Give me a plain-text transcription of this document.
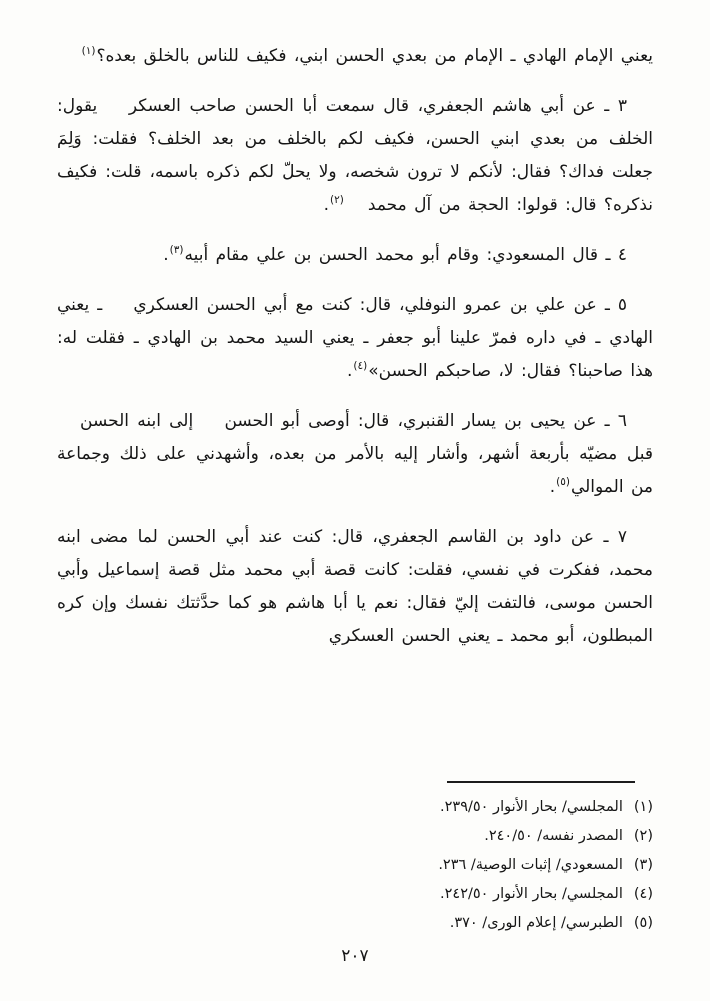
يعني الإمام الهادي ـ الإمام من بعدي الحسن ابني، فكيف للناس بالخلق بعده؟$^{(١)}$

٣ ـ عن أبي هاشم الجعفري، قال سمعت أبا الحسن صاحب العسكر
يقول: الخلف من بعدي ابني الحسن، فكيف لكم بالخلف من بعد الخلف؟ فقلت: وَلِمَ جعلت فداك؟ فقال: لأنكم لا ترون شخصه، ولا يحلّ لكم ذكره باسمه، قلت: فكيف نذكره؟ قال: قولوا: الحجة من آل محمد
$^{(٢)}$.

٤ ـ قال المسعودي: وقام أبو محمد الحسن بن علي مقام أبيه$^{(٣)}$.

٥ ـ عن علي بن عمرو النوفلي، قال: كنت مع أبي الحسن العسكري
ـ يعني الهادي ـ في داره فمرّ علينا أبو جعفر ـ يعني السيد محمد بن الهادي ـ فقلت له: هذا صاحبنا؟ فقال: لا، صاحبكم الحسن»$^{(٤)}$.

٦ ـ عن يحيى بن يسار القنبري، قال: أوصى أبو الحسن
إلى ابنه الحسن
قبل مضيّه بأربعة أشهر، وأشار إليه بالأمر من بعده، وأشهدني على ذلك وجماعة من الموالي$^{(٥)}$.

٧ ـ عن داود بن القاسم الجعفري، قال: كنت عند أبي الحسن لما مضى ابنه محمد، ففكرت في نفسي، فقلت: كانت قصة أبي محمد مثل قصة إسماعيل وأبي الحسن موسى، فالتفت إليّ فقال: نعم يا أبا هاشم هو كما حدَّثتك نفسك وإن كره المبطلون، أبو محمد ـ يعني الحسن العسكري

(١)المجلسي/ بحار الأنوار ٢٣٩/٥٠.
(٢)المصدر نفسه/ ٢٤٠/٥٠.
(٣)المسعودي/ إثبات الوصية/ ٢٣٦.
(٤)المجلسي/ بحار الأنوار ٢٤٢/٥٠.
(٥)الطبرسي/ إعلام الورى/ ٣٧٠.
٢٠٧
